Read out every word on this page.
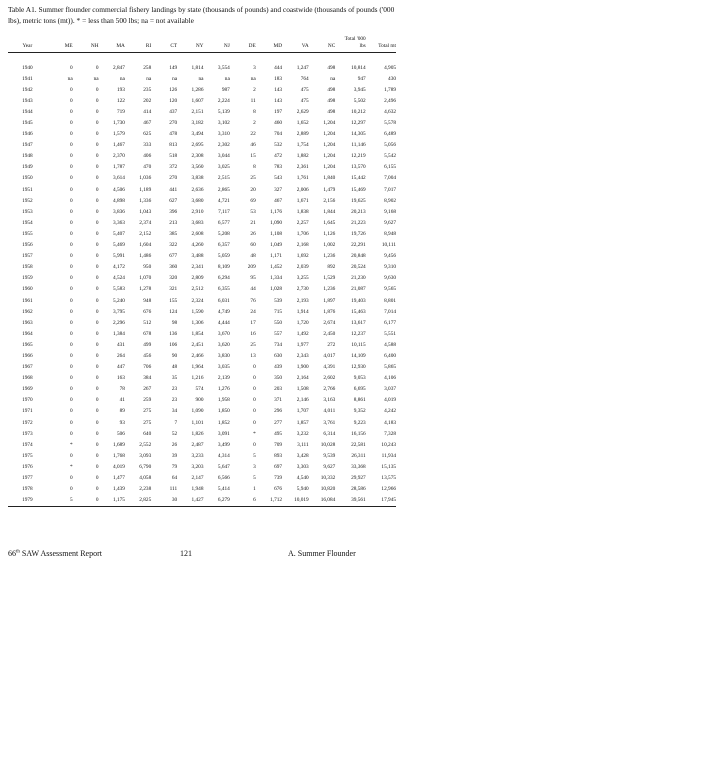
Table A1. Summer flounder commercial fishery landings by state (thousands of pounds) and coastwide (thousands of pounds ('000 lbs), metric tons (mt)). * = less than 500 lbs; na = not available
Year	ME	NH	MA	RI	CT	NY	NJ	DE	MD	VA	NC	Total '000 lbs	Total mt
1940	0	0	2,847	258	149	1,814	3,554	3	444	1,247	498	10,814	4,905
1941	na	na	na	na	na	na	na	na	183	764	na	947	430
1942	0	0	193	235	126	1,286	987	2	143	475	498	3,945	1,789
1943	0	0	122	202	120	1,607	2,224	11	143	475	498	5,502	2,496
1944	0	0	719	414	437	2,151	5,139	8	197	2,629	498	10,212	4,632
1945	0	0	1,730	467	270	3,182	3,102	2	460	1,652	1,204	12,297	5,578
1946	0	0	1,579	625	478	3,494	3,310	22	704	2,889	1,204	14,305	6,489
1947	0	0	1,467	333	813	2,695	2,302	46	532	1,754	1,204	11,146	5,056
1948	0	0	2,370	406	518	2,308	3,044	15	472	1,882	1,204	12,219	5,542
1949	0	0	1,787	470	372	3,560	3,025	8	783	2,361	1,204	13,570	6,155
1950	0	0	3,614	1,036	270	3,838	2,515	25	543	1,761	1,840	15,442	7,004
1951	0	0	4,506	1,189	441	2,636	2,865	20	327	2,006	1,479	15,469	7,017
1952	0	0	4,898	1,336	627	3,680	4,721	69	467	1,671	2,156	19,625	8,902
1953	0	0	3,836	1,043	396	2,910	7,117	53	1,176	1,838	1,844	20,213	9,168
1954	0	0	3,363	2,374	213	3,683	6,577	21	1,090	2,257	1,645	21,223	9,627
1955	0	0	5,407	2,152	385	2,608	5,208	26	1,108	1,706	1,126	19,726	8,948
1956	0	0	5,469	1,604	322	4,260	6,357	60	1,049	2,168	1,002	22,291	10,111
1957	0	0	5,991	1,486	677	3,488	5,059	48	1,171	1,692	1,236	20,848	9,456
1958	0	0	4,172	950	360	2,341	8,109	209	1,452	2,039	892	20,524	9,310
1959	0	0	4,524	1,070	320	2,809	6,294	95	1,334	3,255	1,529	21,230	9,630
1960	0	0	5,583	1,278	321	2,512	6,355	44	1,028	2,730	1,236	21,087	9,565
1961	0	0	5,240	948	155	2,324	6,031	76	539	2,193	1,897	19,403	8,801
1962	0	0	3,795	676	124	1,590	4,749	24	715	1,914	1,876	15,463	7,014
1963	0	0	2,296	512	98	1,306	4,444	17	550	1,720	2,674	13,617	6,177
1964	0	0	1,384	678	136	1,854	3,670	16	557	1,492	2,450	12,237	5,551
1965	0	0	431	499	106	2,451	3,620	25	734	1,977	272	10,115	4,588
1966	0	0	264	456	90	2,466	3,830	13	630	2,343	4,017	14,109	6,400
1967	0	0	447	706	48	1,964	3,035	0	439	1,900	4,391	12,930	5,865
1968	0	0	163	384	35	1,216	2,139	0	350	2,164	2,602	9,053	4,106
1969	0	0	78	267	23	574	1,276	0	203	1,508	2,766	6,695	3,037
1970	0	0	41	259	23	900	1,958	0	371	2,146	3,163	8,861	4,019
1971	0	0	89	275	34	1,090	1,850	0	296	1,707	4,011	9,352	4,242
1972	0	0	93	275	7	1,101	1,852	0	277	1,857	3,761	9,223	4,183
1973	0	0	506	640	52	1,826	3,091	*	495	3,232	6,314	16,156	7,328
1974	*	0	1,689	2,552	26	2,487	3,499	0	709	3,111	10,028	22,581	10,243
1975	0	0	1,768	3,093	39	3,233	4,314	5	893	3,428	9,539	26,311	11,934
1976	*	0	4,019	6,790	79	3,203	5,647	3	697	3,303	9,627	33,368	15,135
1977	0	0	1,477	4,058	64	2,147	6,566	5	739	4,540	10,332	29,927	13,575
1978	0	0	1,439	2,238	111	1,948	5,414	1	676	5,940	10,820	28,586	12,966
1979	5	0	1,175	2,825	30	1,427	6,279	6	1,712	10,019	16,084	39,561	17,945
66th SAW Assessment Report	121	A. Summer Flounder
